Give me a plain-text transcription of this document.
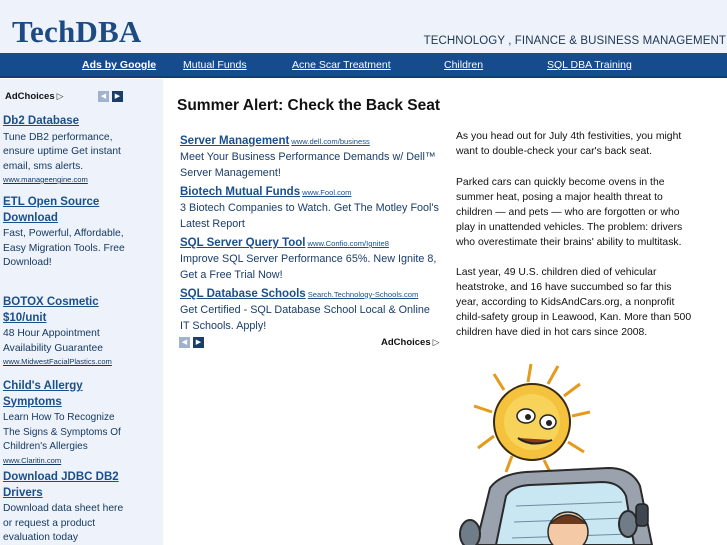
TechDBA	TECHNOLOGY , FINANCE & BUSINESS MANAGEMENT
Ads by Google	Mutual Funds	Acne Scar Treatment	Children	SQL DBA Training
AdChoices ▷	◀	▶
Db2 Database
Tune DB2 performance, ensure uptime Get instant email, sms alerts.
www.manageengine.com
ETL Open Source Download
Fast, Powerful, Affordable, Easy Migration Tools. Free Download!
BOTOX Cosmetic $10/unit
48 Hour Appointment Availability Guarantee
www.MidwestFacialPlastics.com
Child's Allergy Symptoms
Learn How To Recognize The Signs & Symptoms Of Children's Allergies
www.Claritin.com
Download JDBC DB2 Drivers
Download data sheet here or request a product evaluation today
Summer Alert: Check the Back Seat
Server Management www.dell.com/business
Meet Your Business Performance Demands w/ Dell™ Server Management!
Biotech Mutual Funds www.Fool.com
3 Biotech Companies to Watch. Get The Motley Fool's Latest Report
SQL Server Query Tool www.Confio.com/Ignite8
Improve SQL Server Performance 65%. New Ignite 8, Get a Free Trial Now!
SQL Database Schools Search.Technology-Schools.com
Get Certified - SQL Database School Local & Online IT Schools. Apply!
◀	▶	AdChoices ▷

As you head out for July 4th festivities, you might want to double-check your car's back seat.

Parked cars can quickly become ovens in the summer heat, posing a major health threat to children — and pets — who are forgotten or who play in unattended vehicles. The problem: drivers who overestimate their brains' ability to multitask.

Last year, 49 U.S. children died of vehicular heatstroke, and 16 have succumbed so far this year, according to KidsAndCars.org, a nonprofit child-safety group in Leawood, Kan. More than 500 children have died in hot cars since 2008.
